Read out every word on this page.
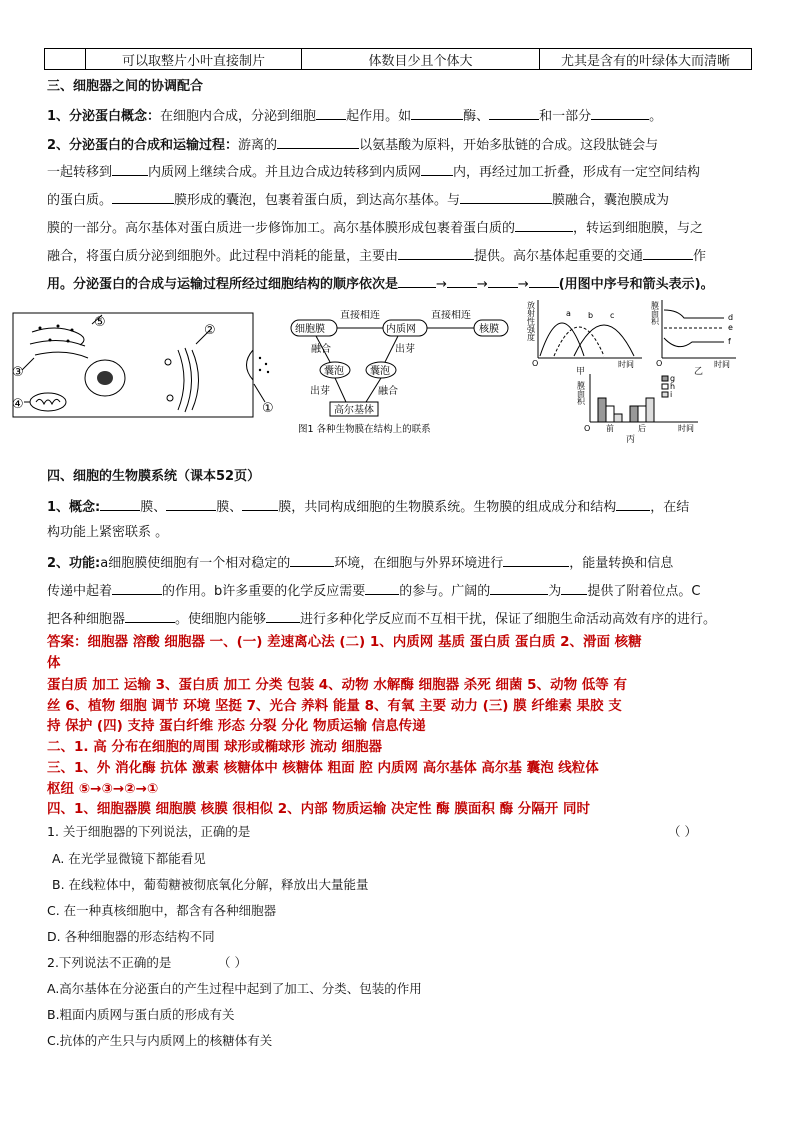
	可以取整片小叶直接制片	体数目少且个体大	尤其是含有的叶绿体大而清晰
三、细胞器之间的协调配合
1、分泌蛋白概念：在细胞内合成，分泌到细胞 起作用。如	酶、	和一部分	。
2、分泌蛋白的合成和运输过程：游离的	以氨基酸为原料，开始多肽链的合成。这段肽链会与
一起转移到	内质网上继续合成。并且边合成边转移到内质网 内，再经过加工折叠，形成有一定空间结构
的蛋白质。	膜形成的囊泡，包裹着蛋白质，到达高尔基体。与	膜融合，囊泡膜成为
膜的一部分。高尔基体对蛋白质进一步修饰加工。高尔基体膜形成包裹着蛋白质的	，转运到细胞膜，与之
融合，将蛋白质分泌到细胞外。此过程中消耗的能量，主要由	提供。高尔基体起重要的交通	作
用。分泌蛋白的合成与运输过程所经过细胞结构的顺序依次是	→ → → (用图中序号和箭头表示)。
⑤
②
③
④	①
细胞膜	内质网	核膜
直接相连	直接相连
囊泡	囊泡
融合	出芽
出芽	融合
高尔基体
图1 各种生物膜在结构上的联系
放
射
性
强
度
a b c
O	时间
甲
膜
面
积	d
e
f
O	时间
乙
g
h
i
膜
面
积
前	后
O	时间
丙
四、细胞的生物膜系统（课本52页）
1、概念:	膜、	膜、	膜，共同构成细胞的生物膜系统。生物膜的组成成分和结构	，在结
构功能上紧密联系 。
2、功能:a细胞膜使细胞有一个相对稳定的	环境，在细胞与外界环境进行	，能量转换和信息
传递中起着	的作用。b许多重要的化学反应需要	的参与。广阔的	为 提供了附着位点。C
把各种细胞器	。使细胞内能够	进行多种化学反应而不互相干扰，保证了细胞生命活动高效有序的进行。
答案：细胞器 溶酸 细胞器 一、(一) 差速离心法 (二) 1、内质网 基质 蛋白质 蛋白质 2、滑面 核糖
体
蛋白质 加工 运输 3、蛋白质 加工 分类 包装 4、动物 水解酶 细胞器 杀死 细菌 5、动物 低等 有
丝 6、植物 细胞 调节 环境 坚挺 7、光合 养料 能量 8、有氧 主要 动力 (三) 膜 纤维素 果胶 支
持 保护 (四) 支持 蛋白纤维 形态 分裂 分化 物质运输 信息传递
二、1. 高 分布在细胞的周围 球形或椭球形 流动 细胞器
三、1、外 消化酶 抗体 激素 核糖体中 核糖体 粗面 腔 内质网 高尔基体 高尔基 囊泡 线粒体
枢纽 ⑤→③→②→①
四、1、细胞器膜 细胞膜 核膜 很相似 2、内部 物质运输 决定性 酶 膜面积 酶 分隔开 同时
1. 关于细胞器的下列说法，正确的是	（ ）
A. 在光学显微镜下都能看见
B. 在线粒体中，葡萄糖被彻底氧化分解，释放出大量能量
C. 在一种真核细胞中，都含有各种细胞器
D. 各种细胞器的形态结构不同
2.下列说法不正确的是	（ ）
A.高尔基体在分泌蛋白的产生过程中起到了加工、分类、包装的作用
B.粗面内质网与蛋白质的形成有关
C.抗体的产生只与内质网上的核糖体有关
